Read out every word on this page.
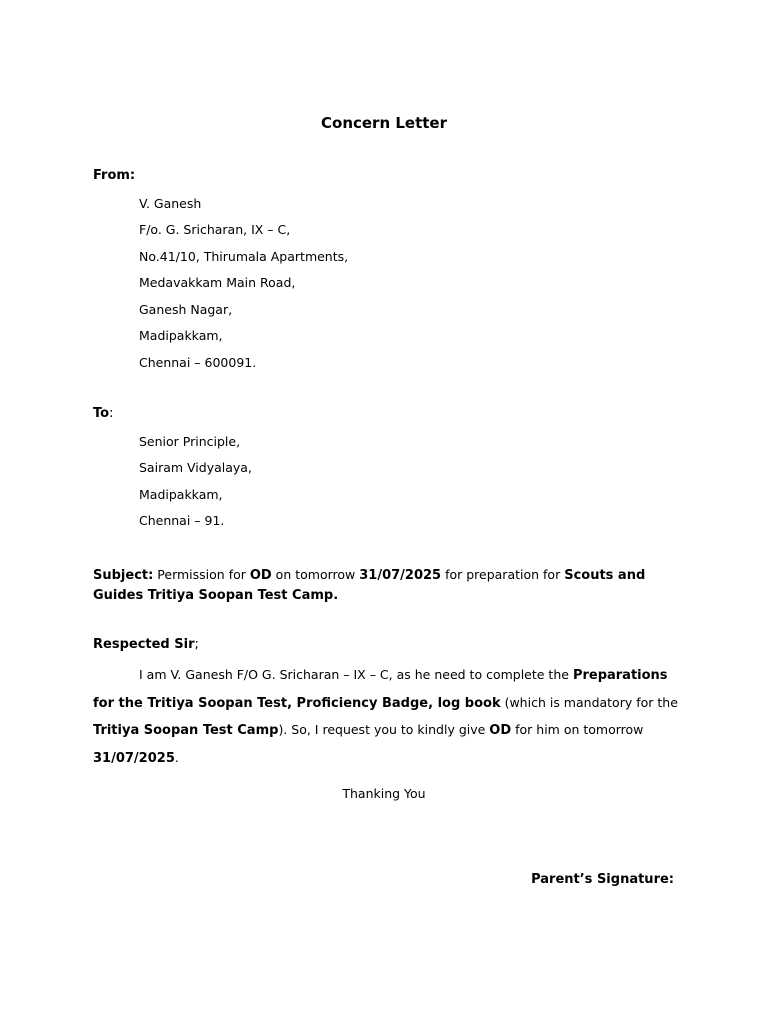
Concern Letter
From:
V. Ganesh
F/o. G. Sricharan, IX – C,
No.41/10, Thirumala Apartments,
Medavakkam Main Road,
Ganesh Nagar,
Madipakkam,
Chennai – 600091.
To:
Senior Principle,
Sairam Vidyalaya,
Madipakkam,
Chennai – 91.
Subject: Permission for OD on tomorrow 31/07/2025 for preparation for Scouts and Guides Tritiya Soopan Test Camp.
Respected Sir;
I am V. Ganesh F/O G. Sricharan – IX – C, as he need to complete the Preparations for the Tritiya Soopan Test, Proficiency Badge, log book (which is mandatory for the Tritiya Soopan Test Camp). So, I request you to kindly give OD for him on tomorrow 31/07/2025.
Thanking You
Parent’s Signature:
